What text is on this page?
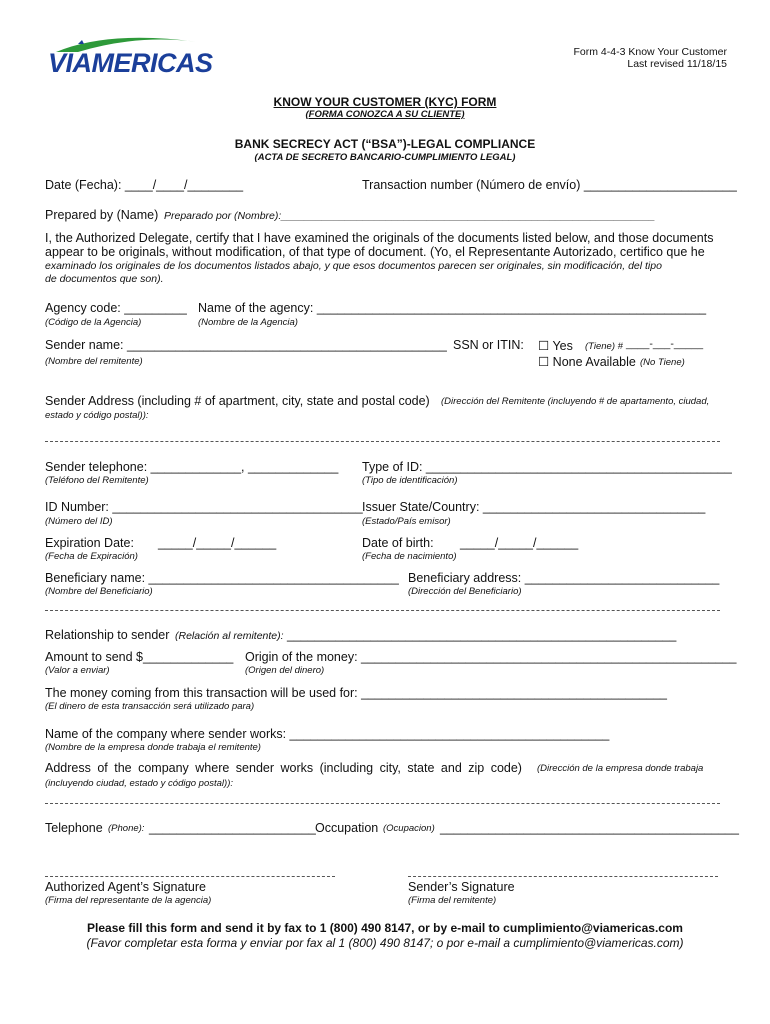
VIAMERICAS	Form 4-4-3 Know Your Customer
Last revised 11/18/15
KNOW YOUR CUSTOMER (KYC) FORM
(FORMA CONOZCA A SU CLIENTE)
BANK SECRECY ACT (“BSA”)-LEGAL COMPLIANCE
(ACTA DE SECRETO BANCARIO-CUMPLIMIENTO LEGAL)
Date (Fecha): ____/____/________	Transaction number (Número de envío) ______________________
Prepared by (Name) Preparado por (Nombre):________________________________________________________________
I, the Authorized Delegate, certify that I have examined the originals of the documents listed below, and those documents
appear to be originals, without modification, of that type of document. (Yo, el Representante Autorizado, certifico que he
examinado los originales de los documentos listados abajo, y que esos documentos parecen ser originales, sin modificación, del tipo
de documentos que son).
Agency code: _________
(Código de la Agencia)
Name of the agency: ________________________________________________________
(Nombre de la Agencia)
Sender name: ______________________________________________
(Nombre del remitente)
SSN or ITIN: ☐ Yes (Tiene) # ____-___-_____
☐ None Available (No Tiene)
Sender Address (including # of apartment, city, state and postal code) (Dirección del Remitente (incluyendo # de apartamento, ciudad,
estado y código postal)):
Sender telephone: _____________, _____________
(Teléfono del Remitente)
Type of ID: ____________________________________________
(Tipo de identificación)
ID Number: ____________________________________
(Número del ID)
Issuer State/Country: ________________________________
(Estado/País emisor)
Expiration Date: _____/_____/______
(Fecha de Expiración)
Date of birth: _____/_____/______
(Fecha de nacimiento)
Beneficiary name: ____________________________________
(Nombre del Beneficiario)
Beneficiary address: ____________________________
(Dirección del Beneficiario)
Relationship to sender (Relación al remitente): ________________________________________________________
Amount to send $_____________
(Valor a enviar)
Origin of the money: ______________________________________________________
(Origen del dinero)
The money coming from this transaction will be used for: ____________________________________________
(El dinero de esta transacción será utilizado para)
Name of the company where sender works: ______________________________________________
(Nombre de la empresa donde trabaja el remitente)
Address of the company where sender works (including city, state and zip code) (Dirección de la empresa donde trabaja
(incluyendo ciudad, estado y código postal)):
Telephone (Phone): ________________________ Occupation (Ocupacion) ___________________________________________
Authorized Agent’s Signature
(Firma del representante de la agencia)
Sender’s Signature
(Firma del remitente)
Please fill this form and send it by fax to 1 (800) 490 8147, or by e-mail to cumplimiento@viamericas.com
(Favor completar esta forma y enviar por fax al 1 (800) 490 8147; o por e-mail a cumplimiento@viamericas.com)
